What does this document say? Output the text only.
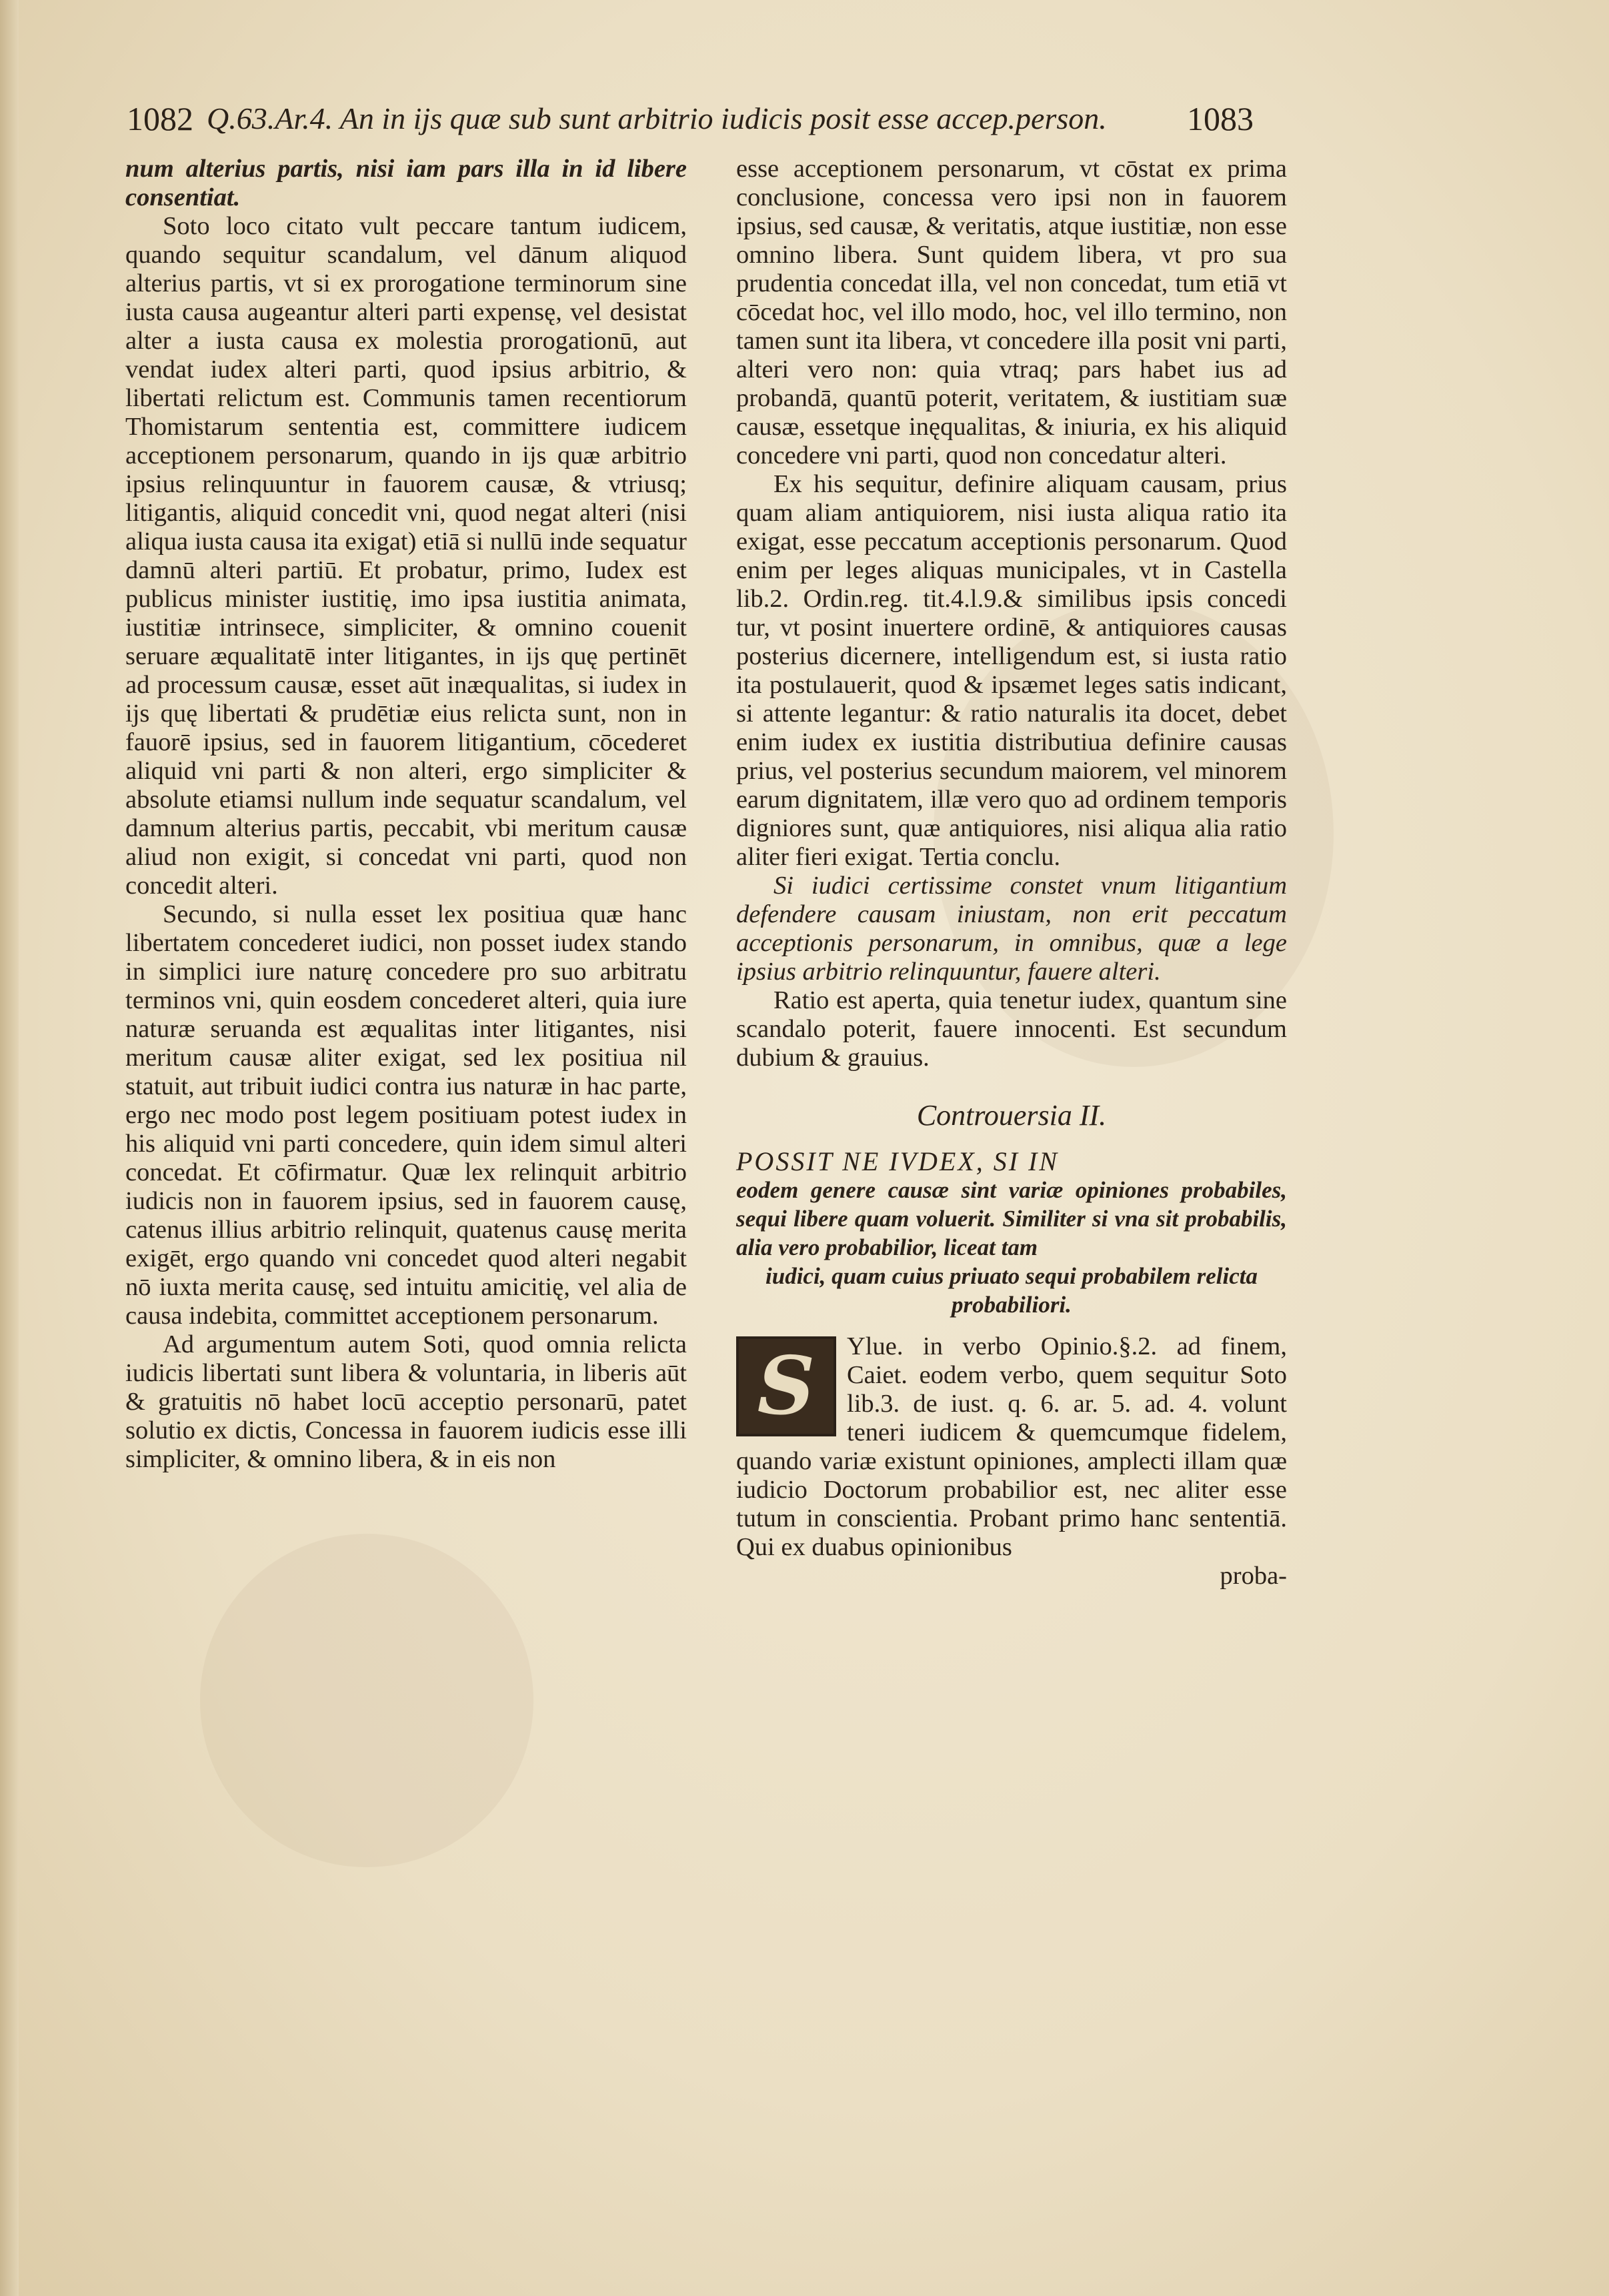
1082 Q.63.Ar.4. An in ijs quæ sub sunt arbitrio iudicis posit esse accep.person. 1083

num alterius partis, nisi iam pars illa in id libere consentiat.

Soto loco citato vult peccare tantum iudicem, quando sequitur scandalum, vel dānum aliquod alterius partis, vt si ex prorogatione terminorum sine iusta causa augeantur alteri parti expensę, vel desistat alter a iusta causa ex molestia prorogationū, aut vendat iudex alteri parti, quod ipsius arbitrio, & libertati relictum est. Communis tamen recentiorum Thomistarum sententia est, committere iudicem acceptionem personarum, quando in ijs quæ arbitrio ipsius relinquuntur in fauorem causæ, & vtriusq; litigantis, aliquid concedit vni, quod negat alteri (nisi aliqua iusta causa ita exigat) etiā si nullū inde sequatur damnū alteri partiū. Et probatur, primo, Iudex est publicus minister iustitię, imo ipsa iustitia animata, iustitiæ intrinsece, simpliciter, & omnino couenit seruare æqualitatē inter litigantes, in ijs quę pertinēt ad processum causæ, esset aūt inæqualitas, si iudex in ijs quę libertati & prudētiæ eius relicta sunt, non in fauorē ipsius, sed in fauorem litigantium, cōcederet aliquid vni parti & non alteri, ergo simpliciter & absolute etiamsi nullum inde sequatur scandalum, vel damnum alterius partis, peccabit, vbi meritum causæ aliud non exigit, si concedat vni parti, quod non concedit alteri.

Secundo, si nulla esset lex positiua quæ hanc libertatem concederet iudici, non posset iudex stando in simplici iure naturę concedere pro suo arbitratu terminos vni, quin eosdem concederet alteri, quia iure naturæ seruanda est æqualitas inter litigantes, nisi meritum causæ aliter exigat, sed lex positiua nil statuit, aut tribuit iudici contra ius naturæ in hac parte, ergo nec modo post legem positiuam potest iudex in his aliquid vni parti concedere, quin idem simul alteri concedat. Et cōfirmatur. Quæ lex relinquit arbitrio iudicis non in fauorem ipsius, sed in fauorem causę, catenus illius arbitrio relinquit, quatenus causę merita exigēt, ergo quando vni concedet quod alteri negabit nō iuxta merita causę, sed intuitu amicitię, vel alia de causa indebita, committet acceptionem personarum.

Ad argumentum autem Soti, quod omnia relicta iudicis libertati sunt libera & voluntaria, in liberis aūt & gratuitis nō habet locū acceptio personarū, patet solutio ex dictis, Concessa in fauorem iudicis esse illi simpliciter, & omnino libera, & in eis non

esse acceptionem personarum, vt cōstat ex prima conclusione, concessa vero ipsi non in fauorem ipsius, sed causæ, & veritatis, atque iustitiæ, non esse omnino libera. Sunt quidem libera, vt pro sua prudentia concedat illa, vel non concedat, tum etiā vt cōcedat hoc, vel illo modo, hoc, vel illo termino, non tamen sunt ita libera, vt concedere illa posit vni parti, alteri vero non: quia vtraq; pars habet ius ad probandā, quantū poterit, veritatem, & iustitiam suæ causæ, essetque inęqualitas, & iniuria, ex his aliquid concedere vni parti, quod non concedatur alteri.

Ex his sequitur, definire aliquam causam, prius quam aliam antiquiorem, nisi iusta aliqua ratio ita exigat, esse peccatum acceptionis personarum. Quod enim per leges aliquas municipales, vt in Castella lib.2. Ordin.reg. tit.4.l.9.& similibus ipsis concedi tur, vt posint inuertere ordinē, & antiquiores causas posterius dicernere, intelligendum est, si iusta ratio ita postulauerit, quod & ipsæmet leges satis indicant, si attente legantur: & ratio naturalis ita docet, debet enim iudex ex iustitia distributiua definire causas prius, vel posterius secundum maiorem, vel minorem earum dignitatem, illæ vero quo ad ordinem temporis digniores sunt, quæ antiquiores, nisi aliqua alia ratio aliter fieri exigat. Tertia conclu.

Si iudici certissime constet vnum litigantium defendere causam iniustam, non erit peccatum acceptionis personarum, in omnibus, quæ a lege ipsius arbitrio relinquuntur, fauere alteri.

Ratio est aperta, quia tenetur iudex, quantum sine scandalo poterit, fauere innocenti. Est secundum dubium & grauius.

Controuersia II.

POSSIT NE IVDEX, SI IN

eodem genere causæ sint variæ opiniones probabiles, sequi libere quam voluerit. Similiter si vna sit probabilis, alia vero probabilior, liceat tam

iudici, quam cuius priuato sequi probabilem relicta probabiliori.

S	Ylue. in verbo Opinio.§.2. ad finem, Caiet. eodem verbo, quem sequitur Soto lib.3. de iust. q. 6. ar. 5. ad. 4. volunt teneri iudicem & quemcumque fidelem, quando variæ existunt opiniones, amplecti illam quæ iudicio Doctorum probabilior est, nec aliter esse tutum in conscientia. Probant primo hanc sententiā. Qui ex duabus opinionibus

proba-
